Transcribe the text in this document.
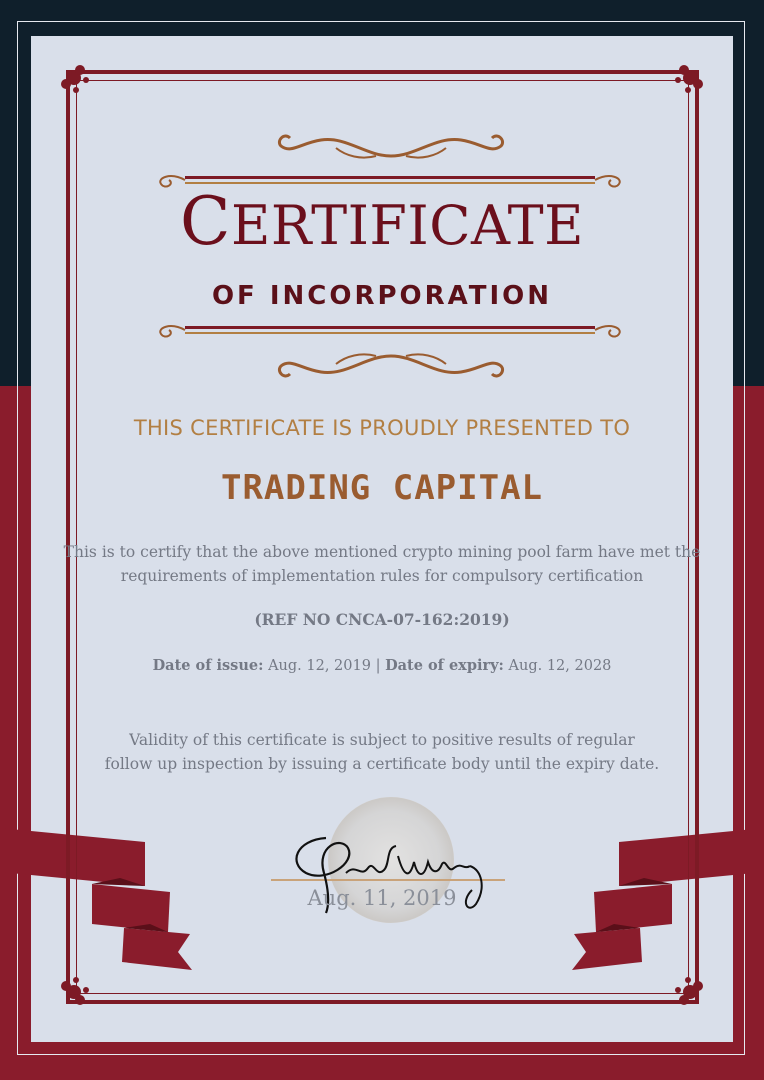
CERTIFICATE
OF INCORPORATION
THIS CERTIFICATE IS PROUDLY PRESENTED TO
TRADING CAPITAL
This is to certify that the above mentioned crypto mining pool farm have met the
requirements of implementation rules for compulsory certification
(REF NO CNCA-07-162:2019)
Date of issue: Aug. 12, 2019 | Date of expiry: Aug. 12, 2028
Validity of this certificate is subject to positive results of regular
follow up inspection by issuing a certificate body until the expiry date.
Aug. 11, 2019
